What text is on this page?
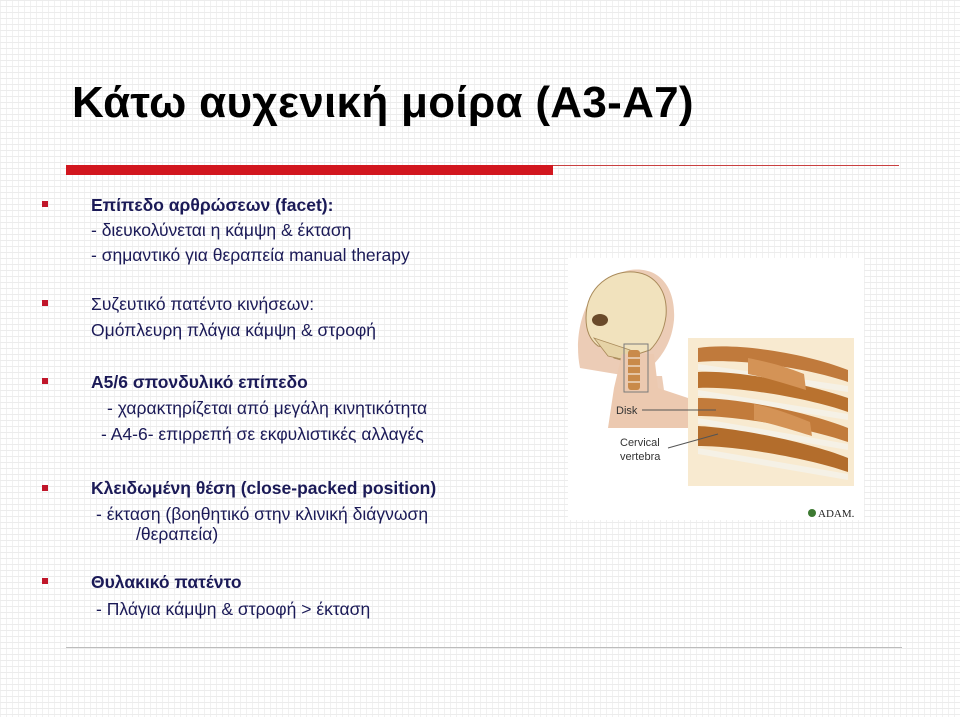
Κάτω αυχενική μοίρα (Α3-Α7)
Επίπεδο αρθρώσεων (facet):
- διευκολύνεται η κάμψη & έκταση
- σημαντικό για θεραπεία manual therapy
Συζευτικό πατέντο κινήσεων:
Ομόπλευρη πλάγια κάμψη & στροφή
Α5/6 σπονδυλικό επίπεδο
- χαρακτηρίζεται από μεγάλη κινητικότητα
- Α4-6- επιρρεπή σε εκφυλιστικές αλλαγές
Κλειδωμένη θέση (close-packed position)
- έκταση (βοηθητικό στην κλινική διάγνωση
/θεραπεία)
Θυλακικό πατέντο
- Πλάγια κάμψη & στροφή > έκταση
Disk
Cervical
vertebra
ADAM.
